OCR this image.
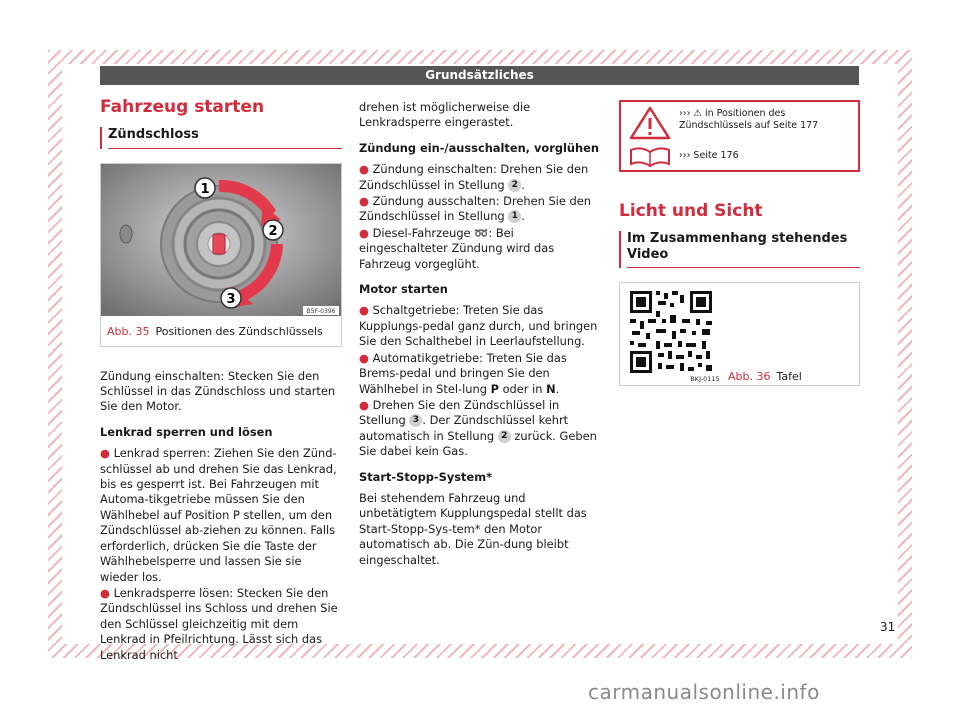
Grundsätzliches
Fahrzeug starten
Zündschloss
1
2
3
B5F-0396
Abb. 35 Positionen des Zündschlüssels

Zündung einschalten: Stecken Sie den Schlüssel in das Zündschloss und starten Sie den Motor.

Lenkrad sperren und lösen

● Lenkrad sperren: Ziehen Sie den Zünd-schlüssel ab und drehen Sie das Lenkrad, bis es gesperrt ist. Bei Fahrzeugen mit Automa-tikgetriebe müssen Sie den Wählhebel auf Position P stellen, um den Zündschlüssel ab-ziehen zu können. Falls erforderlich, drücken Sie die Taste der Wählhebelsperre und lassen Sie sie wieder los.

● Lenkradsperre lösen: Stecken Sie den Zündschlüssel ins Schloss und drehen Sie den Schlüssel gleichzeitig mit dem Lenkrad in Pfeilrichtung. Lässt sich das Lenkrad nicht

drehen ist möglicherweise die Lenkradsperre eingerastet.

Zündung ein-/ausschalten, vorglühen

● Zündung einschalten: Drehen Sie den Zündschlüssel in Stellung 2 .

● Zündung ausschalten: Drehen Sie den Zündschlüssel in Stellung 1 .

● Diesel-Fahrzeuge ➿: Bei eingeschalteter Zündung wird das Fahrzeug vorgeglüht.

Motor starten

● Schaltgetriebe: Treten Sie das Kupplungs-pedal ganz durch, und bringen Sie den Schalthebel in Leerlaufstellung.

● Automatikgetriebe: Treten Sie das Brems-pedal und bringen Sie den Wählhebel in Stel-lung P oder in N.

● Drehen Sie den Zündschlüssel in Stellung 3 . Der Zündschlüssel kehrt automatisch in Stellung 2 zurück. Geben Sie dabei kein Gas.

Start-Stopp-System*

Bei stehendem Fahrzeug und unbetätigtem Kupplungspedal stellt das Start-Stopp-Sys-tem* den Motor automatisch ab. Die Zün-dung bleibt eingeschaltet.

››› ⚠ in Positionen des Zündschlüssels auf Seite 177
››› Seite 176
Licht und Sicht
Im Zusammenhang stehendes Video
BKJ-0115 Abb. 36 Tafel
31
carmanualsonline.info
